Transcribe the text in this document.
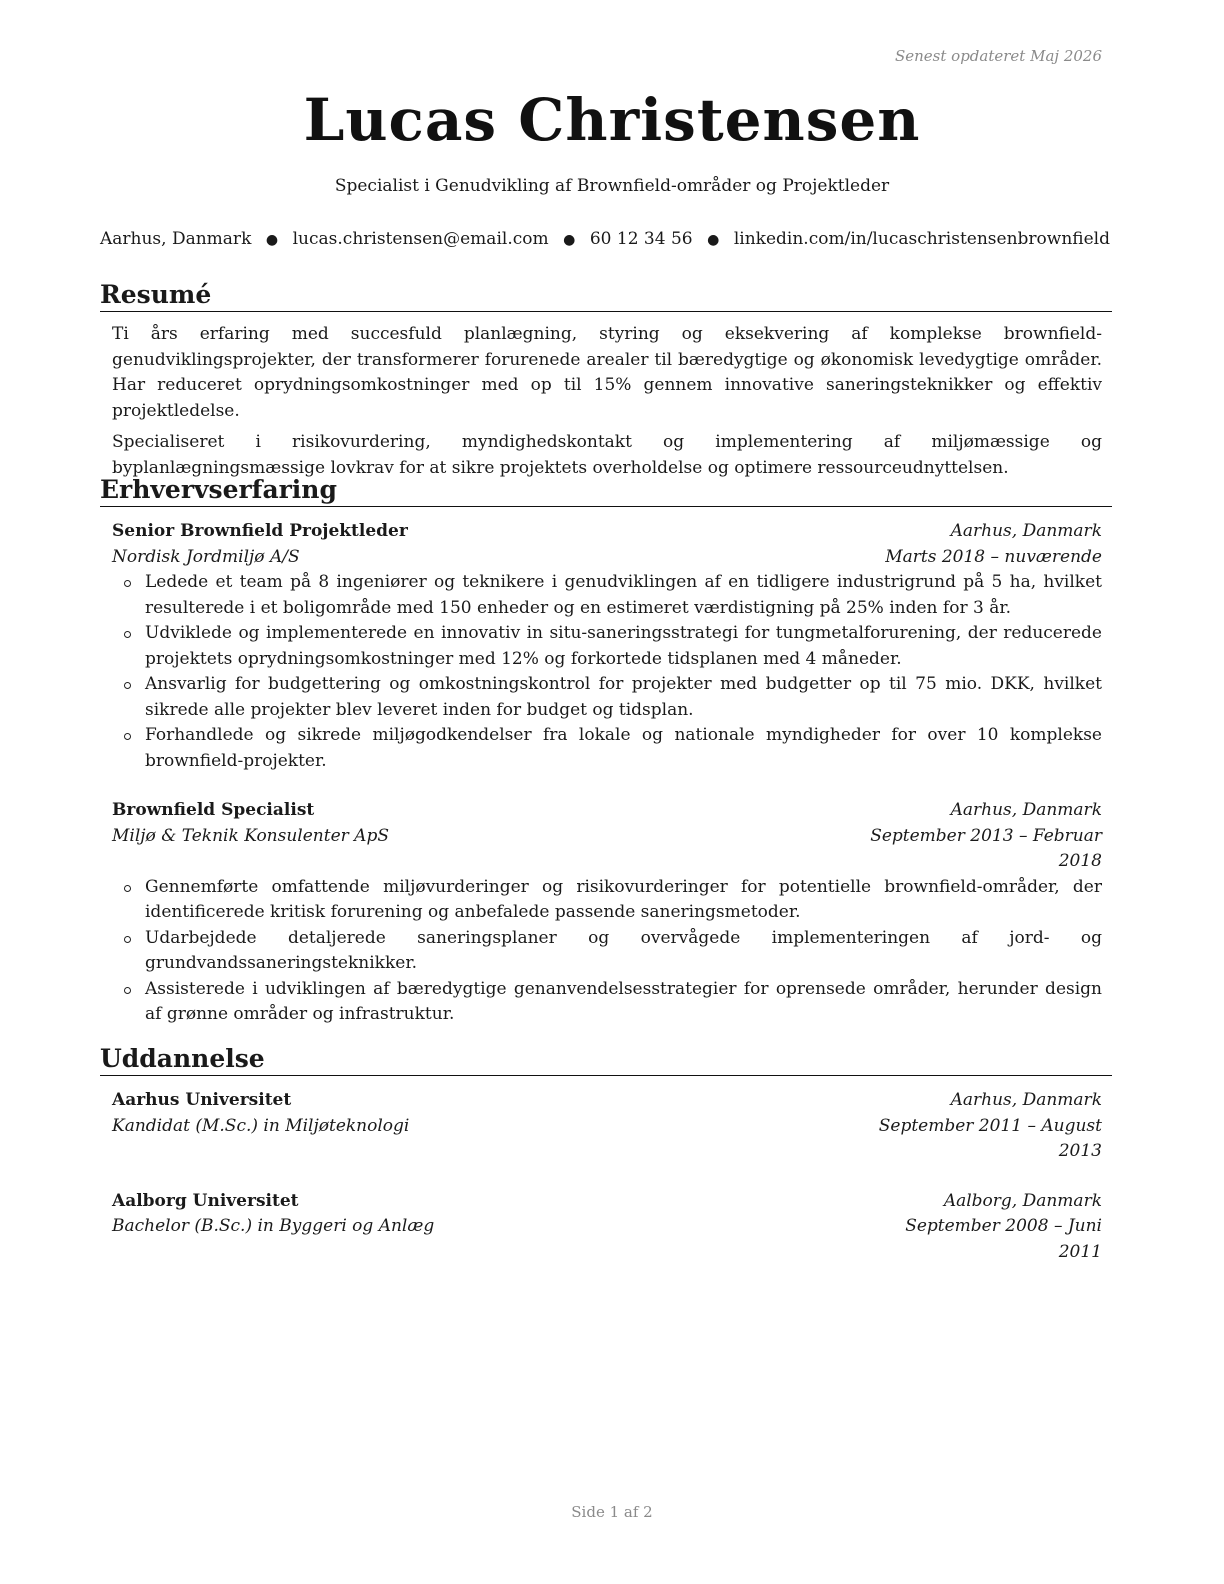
Senest opdateret Maj 2026
Lucas Christensen
Specialist i Genudvikling af Brownfield-områder og Projektleder
Aarhus, Danmark ● lucas.christensen@email.com ● 60 12 34 56 ● linkedin.com/in/lucaschristensenbrownfield
Resumé

Ti års erfaring med succesfuld planlægning, styring og eksekvering af komplekse brownfield-genudviklingsprojekter, der transformerer forurenede arealer til bæredygtige og økonomisk levedygtige områder. Har reduceret oprydningsomkostninger med op til 15% gennem innovative saneringsteknikker og effektiv projektledelse.

Specialiseret i risikovurdering, myndighedskontakt og implementering af miljømæssige og byplanlægningsmæssige lovkrav for at sikre projektets overholdelse og optimere ressourceudnyttelsen.

Erhvervserfaring
Senior Brownfield Projektleder	Aarhus, Danmark
Nordisk Jordmiljø A/S	Marts 2018 – nuværende
Ledede et team på 8 ingeniører og teknikere i genudviklingen af en tidligere industrigrund på 5 ha, hvilket resulterede i et boligområde med 150 enheder og en estimeret værdistigning på 25% inden for 3 år.
Udviklede og implementerede en innovativ in situ-saneringsstrategi for tungmetalforurening, der reducerede projektets oprydningsomkostninger med 12% og forkortede tidsplanen med 4 måneder.
Ansvarlig for budgettering og omkostningskontrol for projekter med budgetter op til 75 mio. DKK, hvilket sikrede alle projekter blev leveret inden for budget og tidsplan.
Forhandlede og sikrede miljøgodkendelser fra lokale og nationale myndigheder for over 10 komplekse brownfield-projekter.
Brownfield Specialist	Aarhus, Danmark
Miljø & Teknik Konsulenter ApS	September 2013 – Februar 2018
Gennemførte omfattende miljøvurderinger og risikovurderinger for potentielle brownfield-områder, der identificerede kritisk forurening og anbefalede passende saneringsmetoder.
Udarbejdede detaljerede saneringsplaner og overvågede implementeringen af jord- og grundvandssaneringsteknikker.
Assisterede i udviklingen af bæredygtige genanvendelsesstrategier for oprensede områder, herunder design af grønne områder og infrastruktur.
Uddannelse
Aarhus Universitet	Aarhus, Danmark
Kandidat (M.Sc.) in Miljøteknologi	September 2011 – August 2013
Aalborg Universitet	Aalborg, Danmark
Bachelor (B.Sc.) in Byggeri og Anlæg	September 2008 – Juni 2011
Side 1 af 2
